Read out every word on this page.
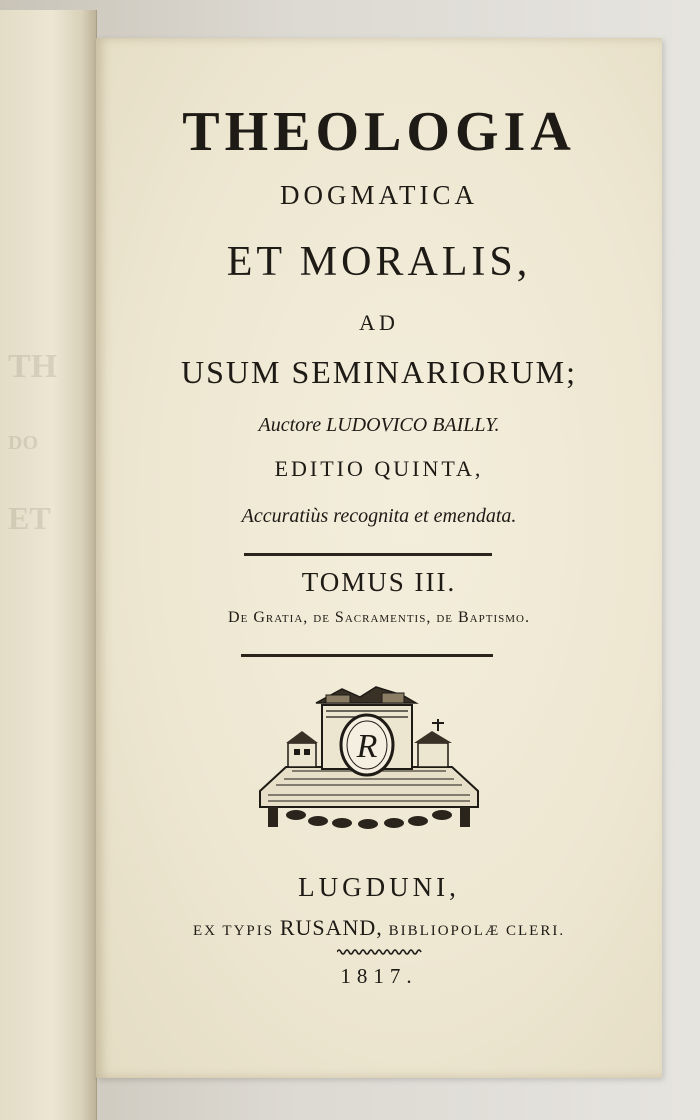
TH
DO
ET
THEOLOGIA
DOGMATICA
ET MORALIS,
AD
USUM SEMINARIORUM;
Auctore LUDOVICO BAILLY.
EDITIO QUINTA,
Accuratiùs recognita et emendata.
TOMUS III.
De Gratia, de Sacramentis, de Baptismo.
R
LUGDUNI,
EX TYPIS RUSAND, BIBLIOPOLÆ CLERI.
1817.
